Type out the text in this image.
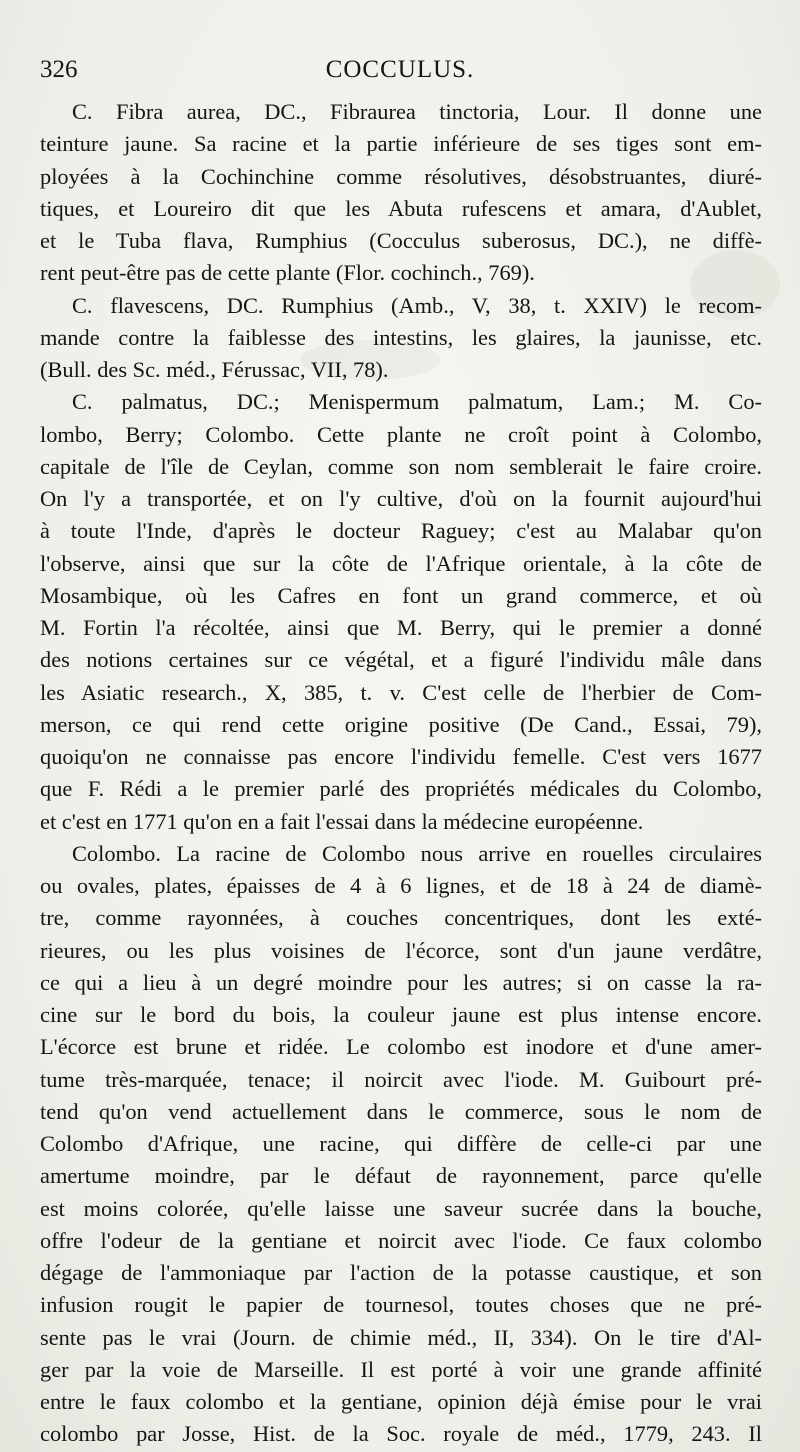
326	COCCULUS.
C. Fibra aurea, DC., Fibraurea tinctoria, Lour. Il donne une
teinture jaune. Sa racine et la partie inférieure de ses tiges sont em-
ployées à la Cochinchine comme résolutives, désobstruantes, diuré-
tiques, et Loureiro dit que les Abuta rufescens et amara, d'Aublet,
et le Tuba flava, Rumphius (Cocculus suberosus, DC.), ne diffè-
rent peut-être pas de cette plante (Flor. cochinch., 769).
C. flavescens, DC. Rumphius (Amb., V, 38, t. XXIV) le recom-
mande contre la faiblesse des intestins, les glaires, la jaunisse, etc.
(Bull. des Sc. méd., Férussac, VII, 78).
C. palmatus, DC.; Menispermum palmatum, Lam.; M. Co-
lombo, Berry; Colombo. Cette plante ne croît point à Colombo,
capitale de l'île de Ceylan, comme son nom semblerait le faire croire.
On l'y a transportée, et on l'y cultive, d'où on la fournit aujourd'hui
à toute l'Inde, d'après le docteur Raguey; c'est au Malabar qu'on
l'observe, ainsi que sur la côte de l'Afrique orientale, à la côte de
Mosambique, où les Cafres en font un grand commerce, et où
M. Fortin l'a récoltée, ainsi que M. Berry, qui le premier a donné
des notions certaines sur ce végétal, et a figuré l'individu mâle dans
les Asiatic research., X, 385, t. v. C'est celle de l'herbier de Com-
merson, ce qui rend cette origine positive (De Cand., Essai, 79),
quoiqu'on ne connaisse pas encore l'individu femelle. C'est vers 1677
que F. Rédi a le premier parlé des propriétés médicales du Colombo,
et c'est en 1771 qu'on en a fait l'essai dans la médecine européenne.
Colombo. La racine de Colombo nous arrive en rouelles circulaires
ou ovales, plates, épaisses de 4 à 6 lignes, et de 18 à 24 de diamè-
tre, comme rayonnées, à couches concentriques, dont les exté-
rieures, ou les plus voisines de l'écorce, sont d'un jaune verdâtre,
ce qui a lieu à un degré moindre pour les autres; si on casse la ra-
cine sur le bord du bois, la couleur jaune est plus intense encore.
L'écorce est brune et ridée. Le colombo est inodore et d'une amer-
tume très-marquée, tenace; il noircit avec l'iode. M. Guibourt pré-
tend qu'on vend actuellement dans le commerce, sous le nom de
Colombo d'Afrique, une racine, qui diffère de celle-ci par une
amertume moindre, par le défaut de rayonnement, parce qu'elle
est moins colorée, qu'elle laisse une saveur sucrée dans la bouche,
offre l'odeur de la gentiane et noircit avec l'iode. Ce faux colombo
dégage de l'ammoniaque par l'action de la potasse caustique, et son
infusion rougit le papier de tournesol, toutes choses que ne pré-
sente pas le vrai (Journ. de chimie méd., II, 334). On le tire d'Al-
ger par la voie de Marseille. Il est porté à voir une grande affinité
entre le faux colombo et la gentiane, opinion déjà émise pour le vrai
colombo par Josse, Hist. de la Soc. royale de méd., 1779, 243. Il
